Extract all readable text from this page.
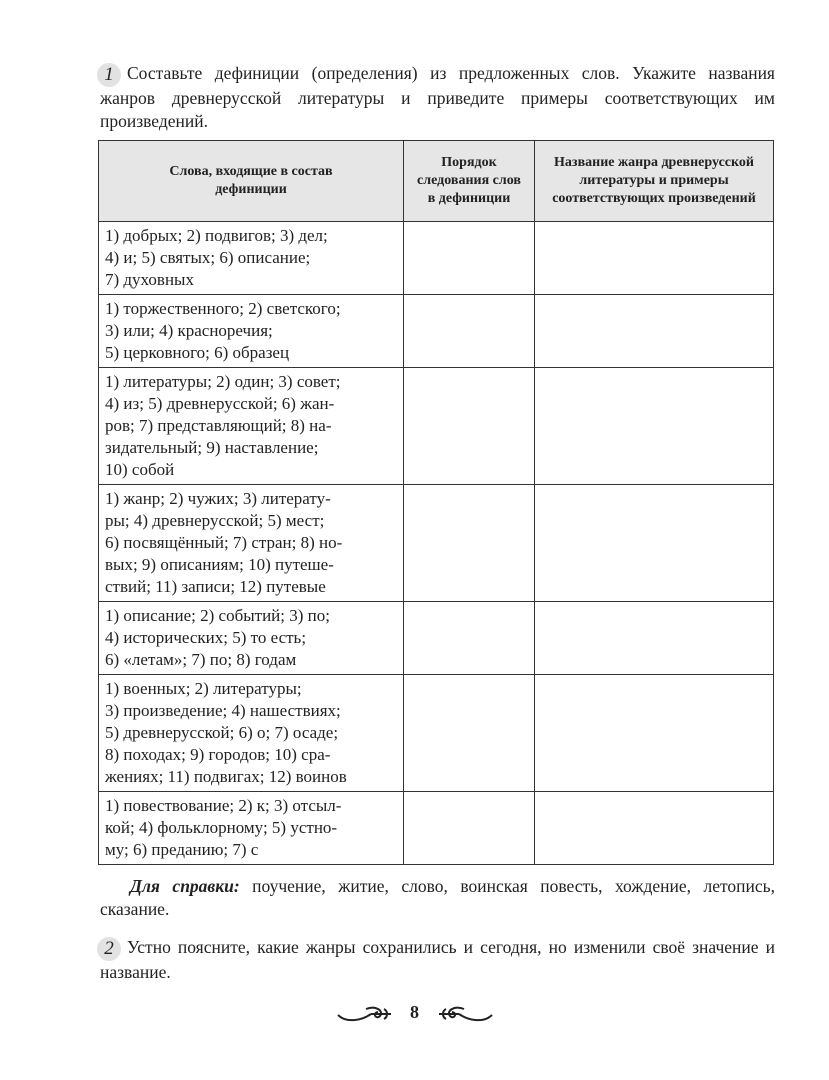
1 Составьте дефиниции (определения) из предложенных слов. Укажите названия жанров древнерусской литературы и приведите примеры соответствующих им произведений.
Слова, входящие в состав дефиниции	Порядок следования слов в дефиниции	Название жанра древнерусской литературы и примеры соответствующих произведений

1) добрых; 2) подвигов; 3) дел;
4) и; 5) святых; 6) описание;
7) духовных		

1) торжественного; 2) светского;
3) или; 4) красноречия;
5) церковного; 6) образец		

1) литературы; 2) один; 3) совет;
4) из; 5) древнерусской; 6) жан-
ров; 7) представляющий; 8) на-
зидательный; 9) наставление;
10) собой		

1) жанр; 2) чужих; 3) литерату-
ры; 4) древнерусской; 5) мест;
6) посвящённый; 7) стран; 8) но-
вых; 9) описаниям; 10) путеше-
ствий; 11) записи; 12) путевые		

1) описание; 2) событий; 3) по;
4) исторических; 5) то есть;
6) «летам»; 7) по; 8) годам		

1) военных; 2) литературы;
3) произведение; 4) нашествиях;
5) древнерусской; 6) о; 7) осаде;
8) походах; 9) городов; 10) сра-
жениях; 11) подвигах; 12) воинов		

1) повествование; 2) к; 3) отсыл-
кой; 4) фольклорному; 5) устно-
му; 6) преданию; 7) с		

Для справки: поучение, житие, слово, воинская повесть, хождение, летопись, сказание.
2 Устно поясните, какие жанры сохранились и сегодня, но изменили своё значение и название.
8
